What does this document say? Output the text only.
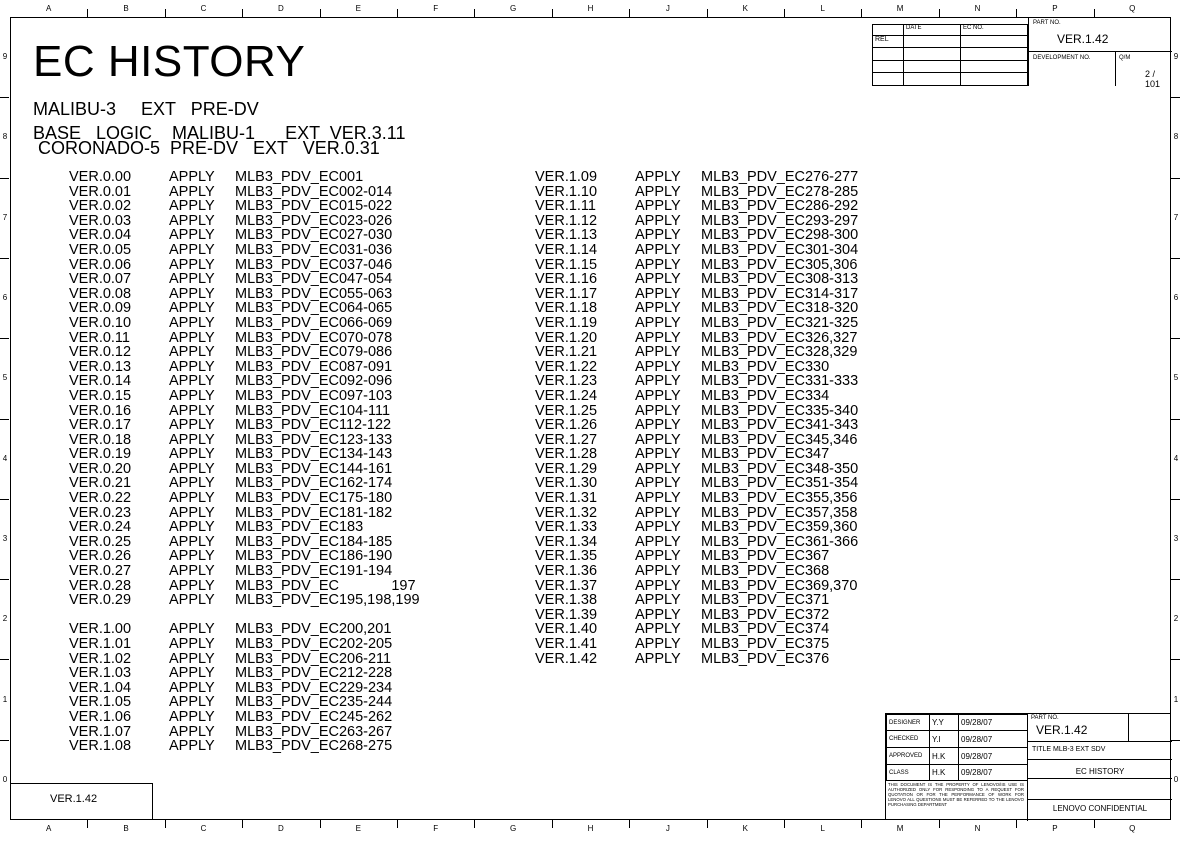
A	B	C	D	E	F	G	H	J	K	L	M	N	P	Q
A	B	C	D	E	F	G	H	J	K	L	M	N	P	Q
9
8
7
6
5
4
3
2
1
0
9
8
7
6
5
4
3
2
1
0
EC HISTORY
MALIBU-3     EXT   PRE-DV
BASE   LOGIC    MALIBU-1      EXT  VER.3.11
CORONADO-5  PRE-DV   EXT   VER.0.31
VER.0.00	APPLY MLB3_PDV_EC001
VER.0.01	APPLY MLB3_PDV_EC002-014
VER.0.02	APPLY MLB3_PDV_EC015-022
VER.0.03	APPLY MLB3_PDV_EC023-026
VER.0.04	APPLY MLB3_PDV_EC027-030
VER.0.05	APPLY MLB3_PDV_EC031-036
VER.0.06	APPLY MLB3_PDV_EC037-046
VER.0.07	APPLY MLB3_PDV_EC047-054
VER.0.08	APPLY MLB3_PDV_EC055-063
VER.0.09	APPLY MLB3_PDV_EC064-065
VER.0.10	APPLY MLB3_PDV_EC066-069
VER.0.11	APPLY MLB3_PDV_EC070-078
VER.0.12	APPLY MLB3_PDV_EC079-086
VER.0.13	APPLY MLB3_PDV_EC087-091
VER.0.14	APPLY MLB3_PDV_EC092-096
VER.0.15	APPLY MLB3_PDV_EC097-103
VER.0.16	APPLY MLB3_PDV_EC104-111
VER.0.17	APPLY MLB3_PDV_EC112-122
VER.0.18	APPLY MLB3_PDV_EC123-133
VER.0.19	APPLY MLB3_PDV_EC134-143
VER.0.20	APPLY MLB3_PDV_EC144-161
VER.0.21	APPLY MLB3_PDV_EC162-174
VER.0.22	APPLY MLB3_PDV_EC175-180
VER.0.23	APPLY MLB3_PDV_EC181-182
VER.0.24	APPLY MLB3_PDV_EC183
VER.0.25	APPLY MLB3_PDV_EC184-185
VER.0.26	APPLY MLB3_PDV_EC186-190
VER.0.27	APPLY MLB3_PDV_EC191-194
VER.0.28	APPLY MLB3_PDV_EC             197
VER.0.29	APPLY MLB3_PDV_EC195,198,199
VER.1.00	APPLY MLB3_PDV_EC200,201
VER.1.01	APPLY MLB3_PDV_EC202-205
VER.1.02	APPLY MLB3_PDV_EC206-211
VER.1.03	APPLY MLB3_PDV_EC212-228
VER.1.04	APPLY MLB3_PDV_EC229-234
VER.1.05	APPLY MLB3_PDV_EC235-244
VER.1.06	APPLY MLB3_PDV_EC245-262
VER.1.07	APPLY MLB3_PDV_EC263-267
VER.1.08	APPLY MLB3_PDV_EC268-275
VER.1.09	APPLY MLB3_PDV_EC276-277
VER.1.10	APPLY MLB3_PDV_EC278-285
VER.1.11	APPLY MLB3_PDV_EC286-292
VER.1.12	APPLY MLB3_PDV_EC293-297
VER.1.13	APPLY MLB3_PDV_EC298-300
VER.1.14	APPLY MLB3_PDV_EC301-304
VER.1.15	APPLY MLB3_PDV_EC305,306
VER.1.16	APPLY MLB3_PDV_EC308-313
VER.1.17	APPLY MLB3_PDV_EC314-317
VER.1.18	APPLY MLB3_PDV_EC318-320
VER.1.19	APPLY MLB3_PDV_EC321-325
VER.1.20	APPLY MLB3_PDV_EC326,327
VER.1.21	APPLY MLB3_PDV_EC328,329
VER.1.22	APPLY MLB3_PDV_EC330
VER.1.23	APPLY MLB3_PDV_EC331-333
VER.1.24	APPLY MLB3_PDV_EC334
VER.1.25	APPLY MLB3_PDV_EC335-340
VER.1.26	APPLY MLB3_PDV_EC341-343
VER.1.27	APPLY MLB3_PDV_EC345,346
VER.1.28	APPLY MLB3_PDV_EC347
VER.1.29	APPLY MLB3_PDV_EC348-350
VER.1.30	APPLY MLB3_PDV_EC351-354
VER.1.31	APPLY MLB3_PDV_EC355,356
VER.1.32	APPLY MLB3_PDV_EC357,358
VER.1.33	APPLY MLB3_PDV_EC359,360
VER.1.34	APPLY MLB3_PDV_EC361-366
VER.1.35	APPLY MLB3_PDV_EC367
VER.1.36	APPLY MLB3_PDV_EC368
VER.1.37	APPLY MLB3_PDV_EC369,370
VER.1.38	APPLY MLB3_PDV_EC371
VER.1.39	APPLY MLB3_PDV_EC372
VER.1.40	APPLY MLB3_PDV_EC374
VER.1.41	APPLY MLB3_PDV_EC375
VER.1.42	APPLY MLB3_PDV_EC376
	DATE	EC NO.
REL		

PART NO.
VER.1.42
DEVELOPMENT NO.	Q/M
2 / 101
VER.1.42
DESIGNER	Y.Y	09/28/07
CHECKED	Y.I	09/28/07
APPROVED	H.K	09/28/07
CLASS	H.K	09/28/07
THIS DOCUMENT IS THE PROPERTY OF LENOVO/IIS USE IS AUTHORIZED ONLY FOR RESPONDING TO A REQUEST FOR QUOTATION OR FOR THE PERFORMANCE OF WORK FOR LENOVO ALL QUESTIONS MUST BE REFERRED TO THE LENOVO PURCHASING DEPARTMENT
PART NO.
VER.1.42
TITLE MLB-3 EXT SDV
EC HISTORY
LENOVO CONFIDENTIAL
